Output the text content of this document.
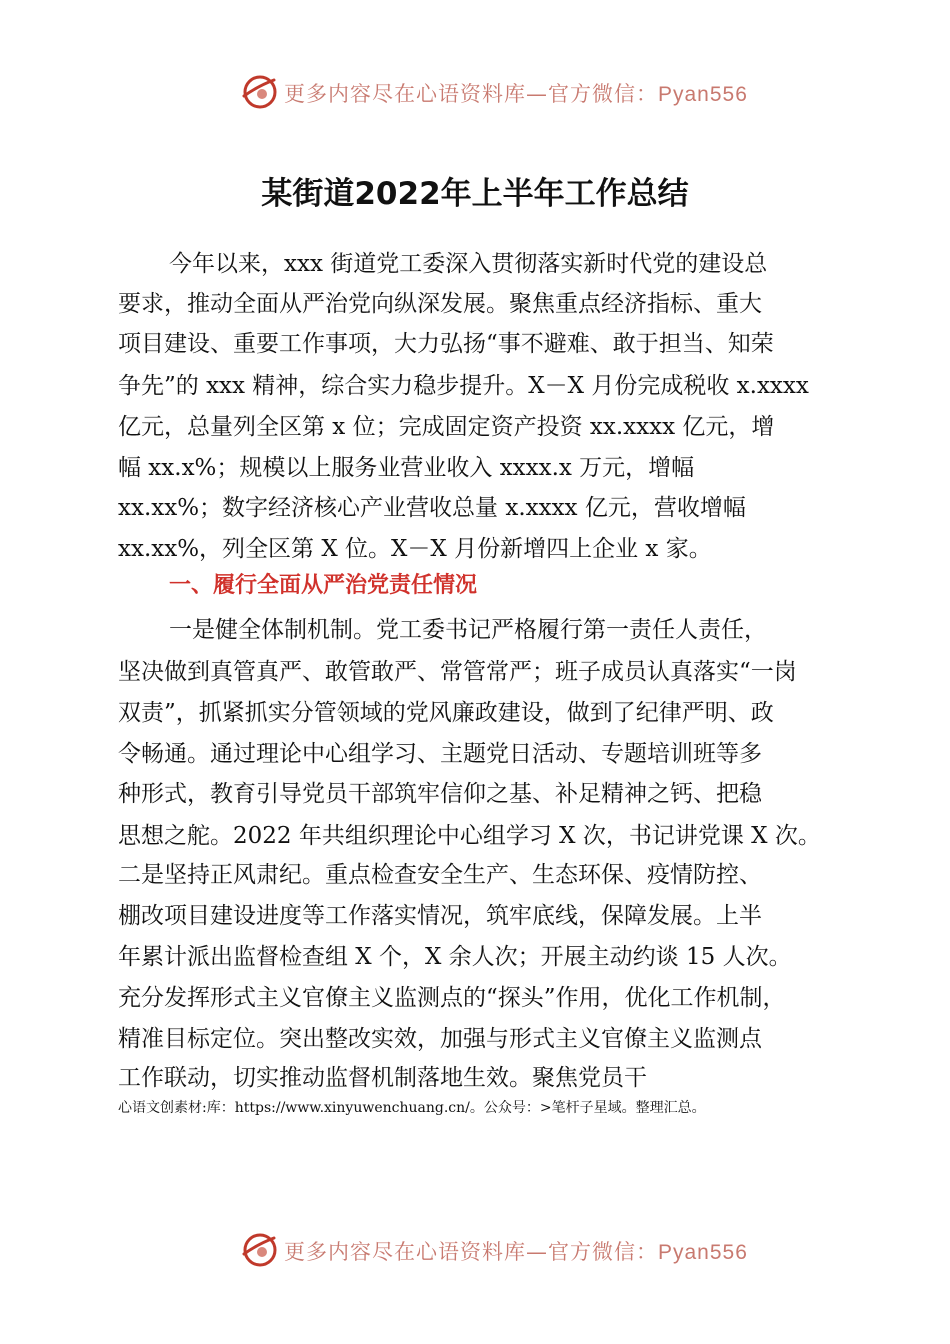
更多内容尽在心语资料库—官方微信：Pyan556
某街道2022年上半年工作总结
今年以来，xxx 街道党工委深入贯彻落实新时代党的建设总
要求，推动全面从严治党向纵深发展。聚焦重点经济指标、重大
项目建设、重要工作事项，大力弘扬“事不避难、敢于担当、知荣
争先”的 xxx 精神，综合实力稳步提升。X－X 月份完成税收 x.xxxx
亿元，总量列全区第 x 位；完成固定资产投资 xx.xxxx 亿元，增
幅 xx.x%；规模以上服务业营业收入 xxxx.x 万元，增幅
xx.xx%；数字经济核心产业营收总量 x.xxxx 亿元，营收增幅
xx.xx%，列全区第 X 位。X－X 月份新增四上企业 x 家。
一、履行全面从严治党责任情况
一是健全体制机制。党工委书记严格履行第一责任人责任，
坚决做到真管真严、敢管敢严、常管常严；班子成员认真落实“一岗
双责”，抓紧抓实分管领域的党风廉政建设，做到了纪律严明、政
令畅通。通过理论中心组学习、主题党日活动、专题培训班等多
种形式，教育引导党员干部筑牢信仰之基、补足精神之钙、把稳
思想之舵。2022 年共组织理论中心组学习 X 次，书记讲党课 X 次。
二是坚持正风肃纪。重点检查安全生产、生态环保、疫情防控、
棚改项目建设进度等工作落实情况，筑牢底线，保障发展。上半
年累计派出监督检查组 X 个，X 余人次；开展主动约谈 15 人次。
充分发挥形式主义官僚主义监测点的“探头”作用，优化工作机制，
精准目标定位。突出整改实效，加强与形式主义官僚主义监测点
工作联动，切实推动监督机制落地生效。聚焦党员干
心语文创素材:库：https://www.xinyuwenchuang.cn/。公众号：>笔杆子星域。整理汇总。
更多内容尽在心语资料库—官方微信：Pyan556
